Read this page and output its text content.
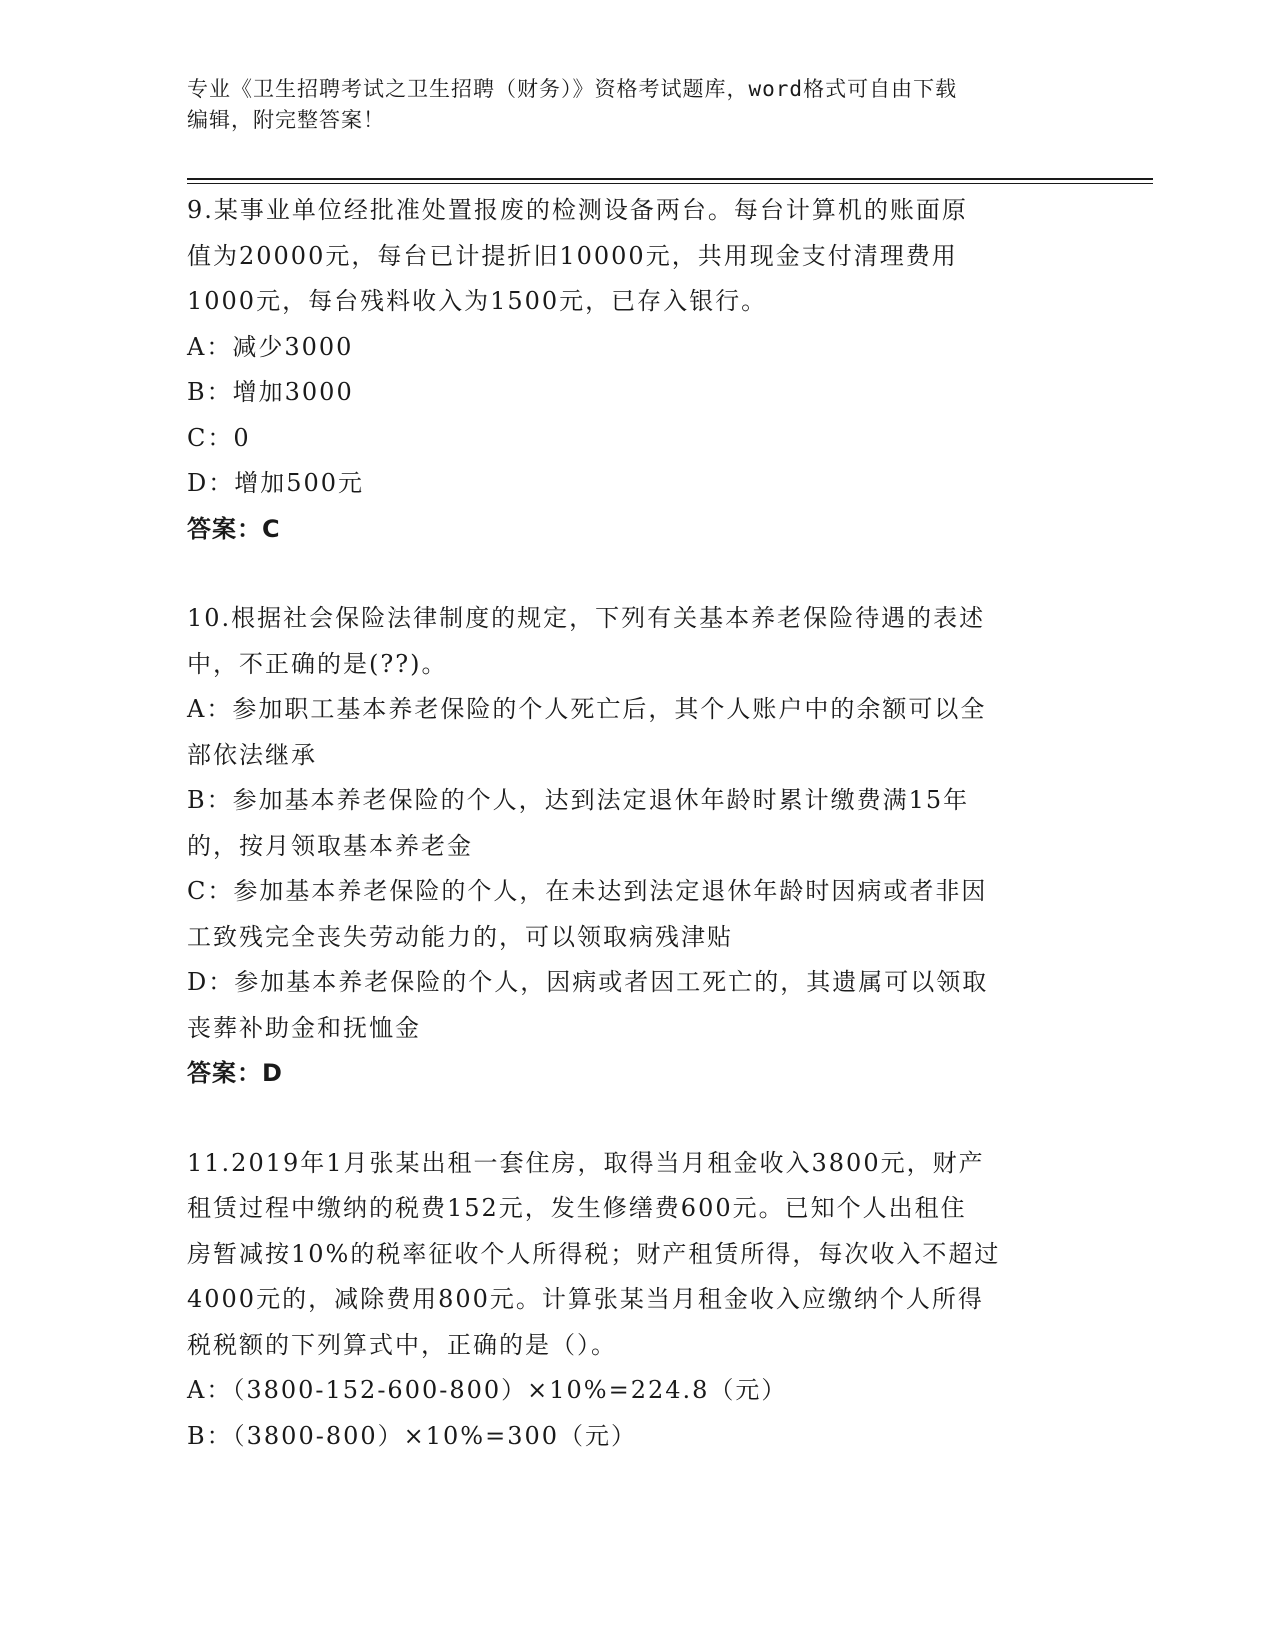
专业《卫生招聘考试之卫生招聘（财务）》资格考试题库，word格式可自由下载
编辑，附完整答案！
9.某事业单位经批准处置报废的检测设备两台。每台计算机的账面原
值为20000元，每台已计提折旧10000元，共用现金支付清理费用
1000元，每台残料收入为1500元，已存入银行。
A：减少3000
B：增加3000
C：0
D：增加500元
答案：C
10.根据社会保险法律制度的规定，下列有关基本养老保险待遇的表述
中，不正确的是(??)。
A：参加职工基本养老保险的个人死亡后，其个人账户中的余额可以全
部依法继承
B：参加基本养老保险的个人，达到法定退休年龄时累计缴费满15年
的，按月领取基本养老金
C：参加基本养老保险的个人，在未达到法定退休年龄时因病或者非因
工致残完全丧失劳动能力的，可以领取病残津贴
D：参加基本养老保险的个人，因病或者因工死亡的，其遗属可以领取
丧葬补助金和抚恤金
答案：D
11.2019年1月张某出租一套住房，取得当月租金收入3800元，财产
租赁过程中缴纳的税费152元，发生修缮费600元。已知个人出租住
房暂减按10%的税率征收个人所得税；财产租赁所得，每次收入不超过
4000元的，减除费用800元。计算张某当月租金收入应缴纳个人所得
税税额的下列算式中，正确的是（）。
A：（3800-152-600-800）×10%=224.8（元）
B：（3800-800）×10%=300（元）
